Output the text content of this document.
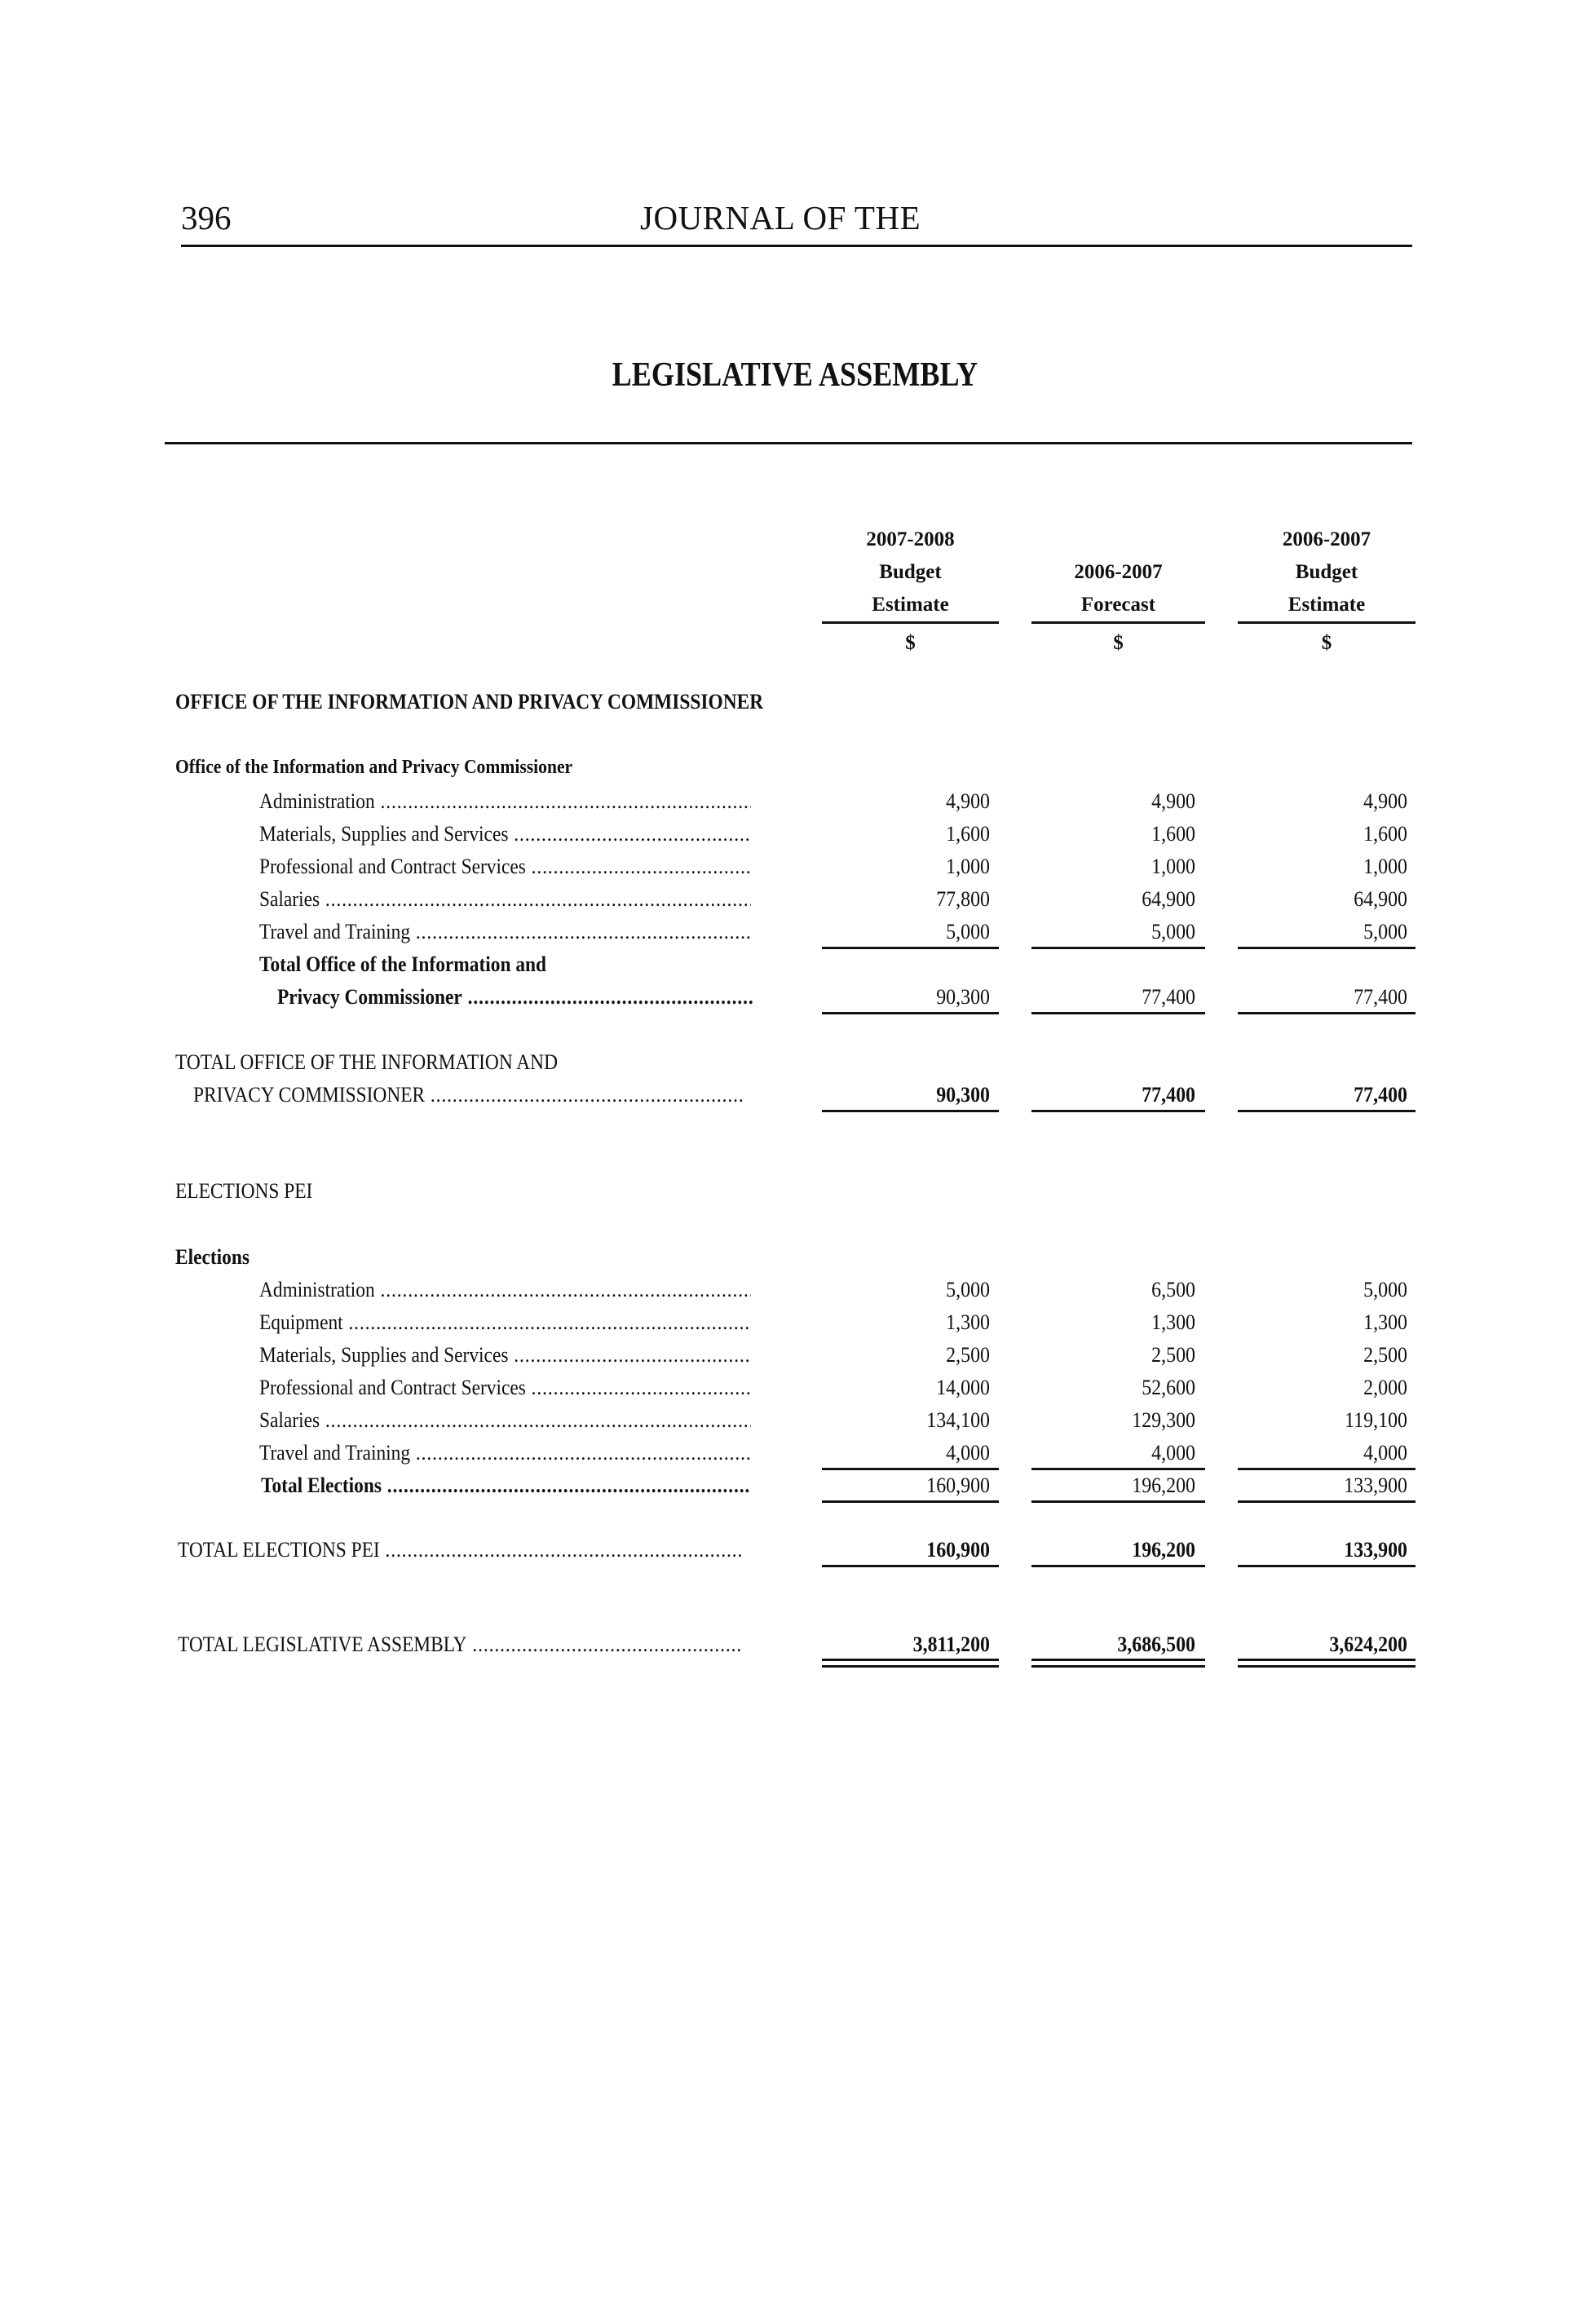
396	JOURNAL OF THE
LEGISLATIVE ASSEMBLY
2007-2008
Budget
Estimate
$

2006-2007
Forecast
$
2006-2007
Budget
Estimate
$
OFFICE OF THE INFORMATION AND PRIVACY COMMISSIONER
Office of the Information and Privacy Commissioner
Administration .....	4,900	4,900	4,900
Materials, Supplies and Services .....	1,600	1,600	1,600
Professional and Contract Services .....	1,000	1,000	1,000
Salaries .....	77,800	64,900	64,900
Travel and Training .....	5,000	5,000	5,000
Total Office of the Information and
Privacy Commissioner .....	90,300	77,400	77,400
TOTAL OFFICE OF THE INFORMATION AND
PRIVACY COMMISSIONER .....	90,300	77,400	77,400
ELECTIONS PEI
Elections
Administration .....	5,000	6,500	5,000
Equipment .....	1,300	1,300	1,300
Materials, Supplies and Services .....	2,500	2,500	2,500
Professional and Contract Services .....	14,000	52,600	2,000
Salaries .....	134,100	129,300	119,100
Travel and Training .....	4,000	4,000	4,000
Total Elections .....	160,900	196,200	133,900
TOTAL ELECTIONS PEI .....	160,900	196,200	133,900
TOTAL LEGISLATIVE ASSEMBLY .....	3,811,200	3,686,500	3,624,200
